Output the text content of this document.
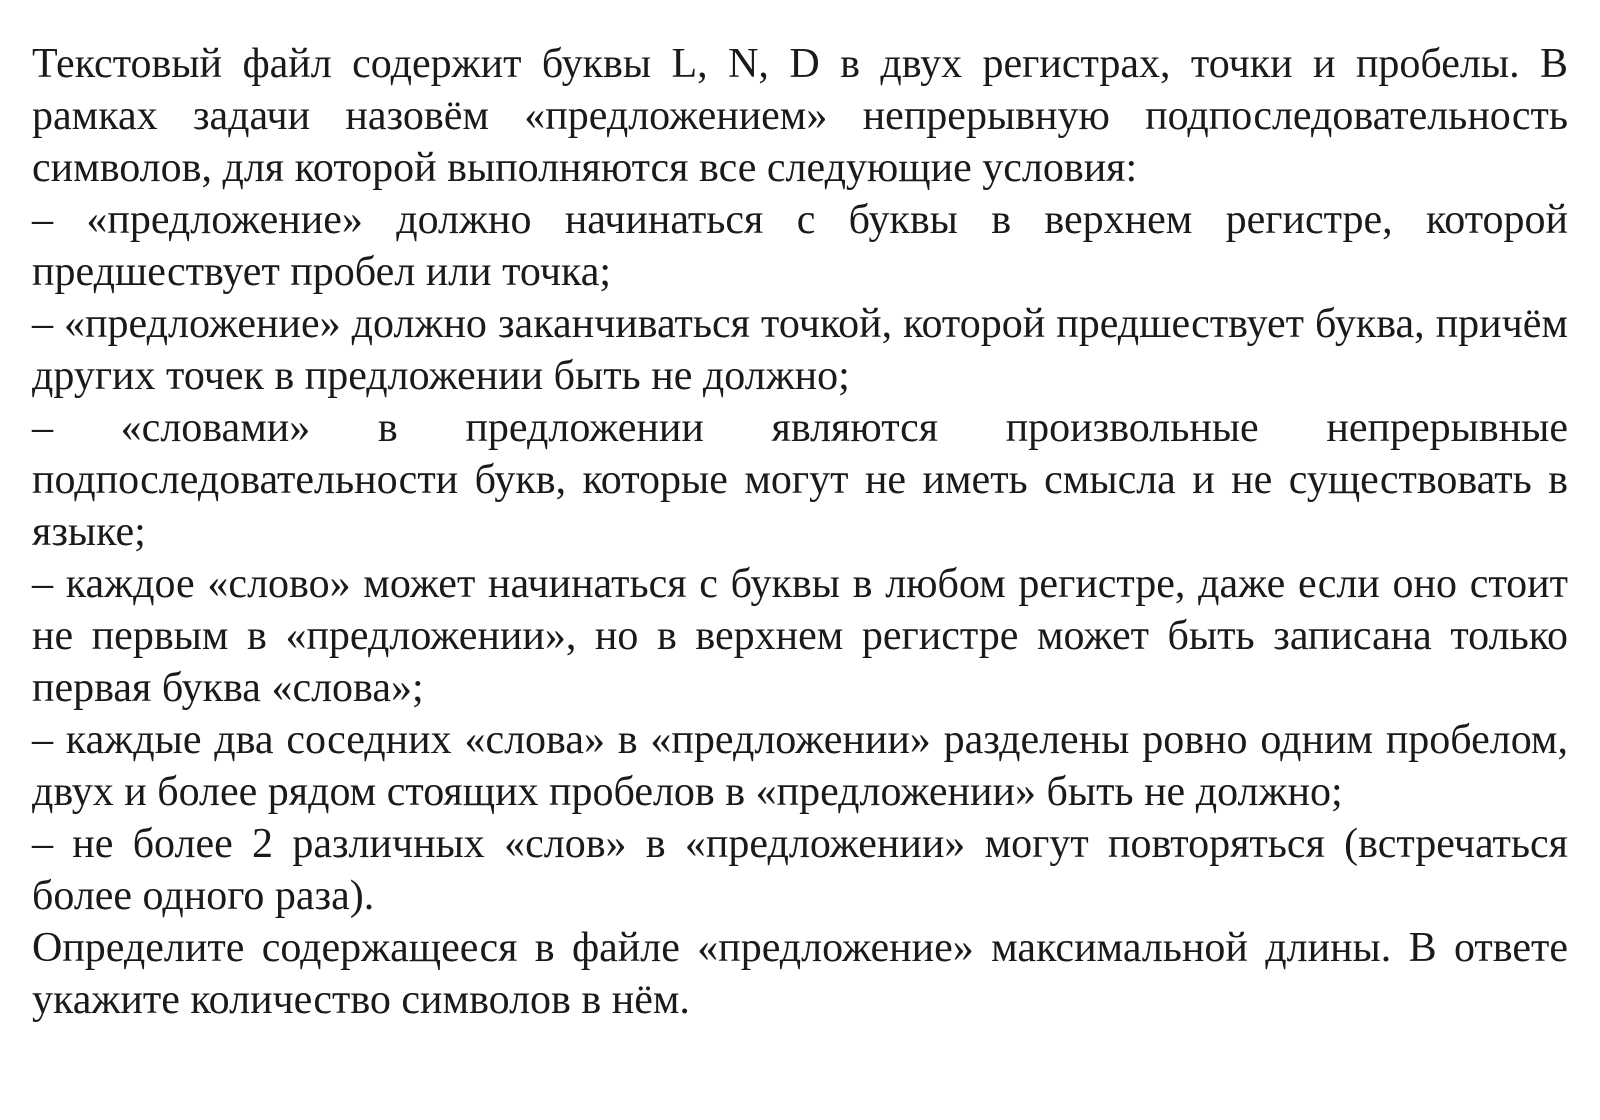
Текстовый файл содержит буквы L, N, D в двух регистрах, точки и пробелы. В рамках задачи назовём «предложением» непрерывную подпоследовательность символов, для которой выполняются все следующие условия:

– «предложение» должно начинаться с буквы в верхнем регистре, которой предшествует пробел или точка;

– «предложение» должно заканчиваться точкой, которой предшествует буква, причём других точек в предложении быть не должно;

– «словами» в предложении являются произвольные непрерывные подпоследовательности букв, которые могут не иметь смысла и не существовать в языке;

– каждое «слово» может начинаться с буквы в любом регистре, даже если оно стоит не первым в «предложении», но в верхнем регистре может быть записана только первая буква «слова»;

– каждые два соседних «слова» в «предложении» разделены ровно одним пробелом, двух и более рядом стоящих пробелов в «предложении» быть не должно;

– не более 2 различных «слов» в «предложении» могут повторяться (встречаться более одного раза).

Определите содержащееся в файле «предложение» максимальной длины. В ответе укажите количество символов в нём.
